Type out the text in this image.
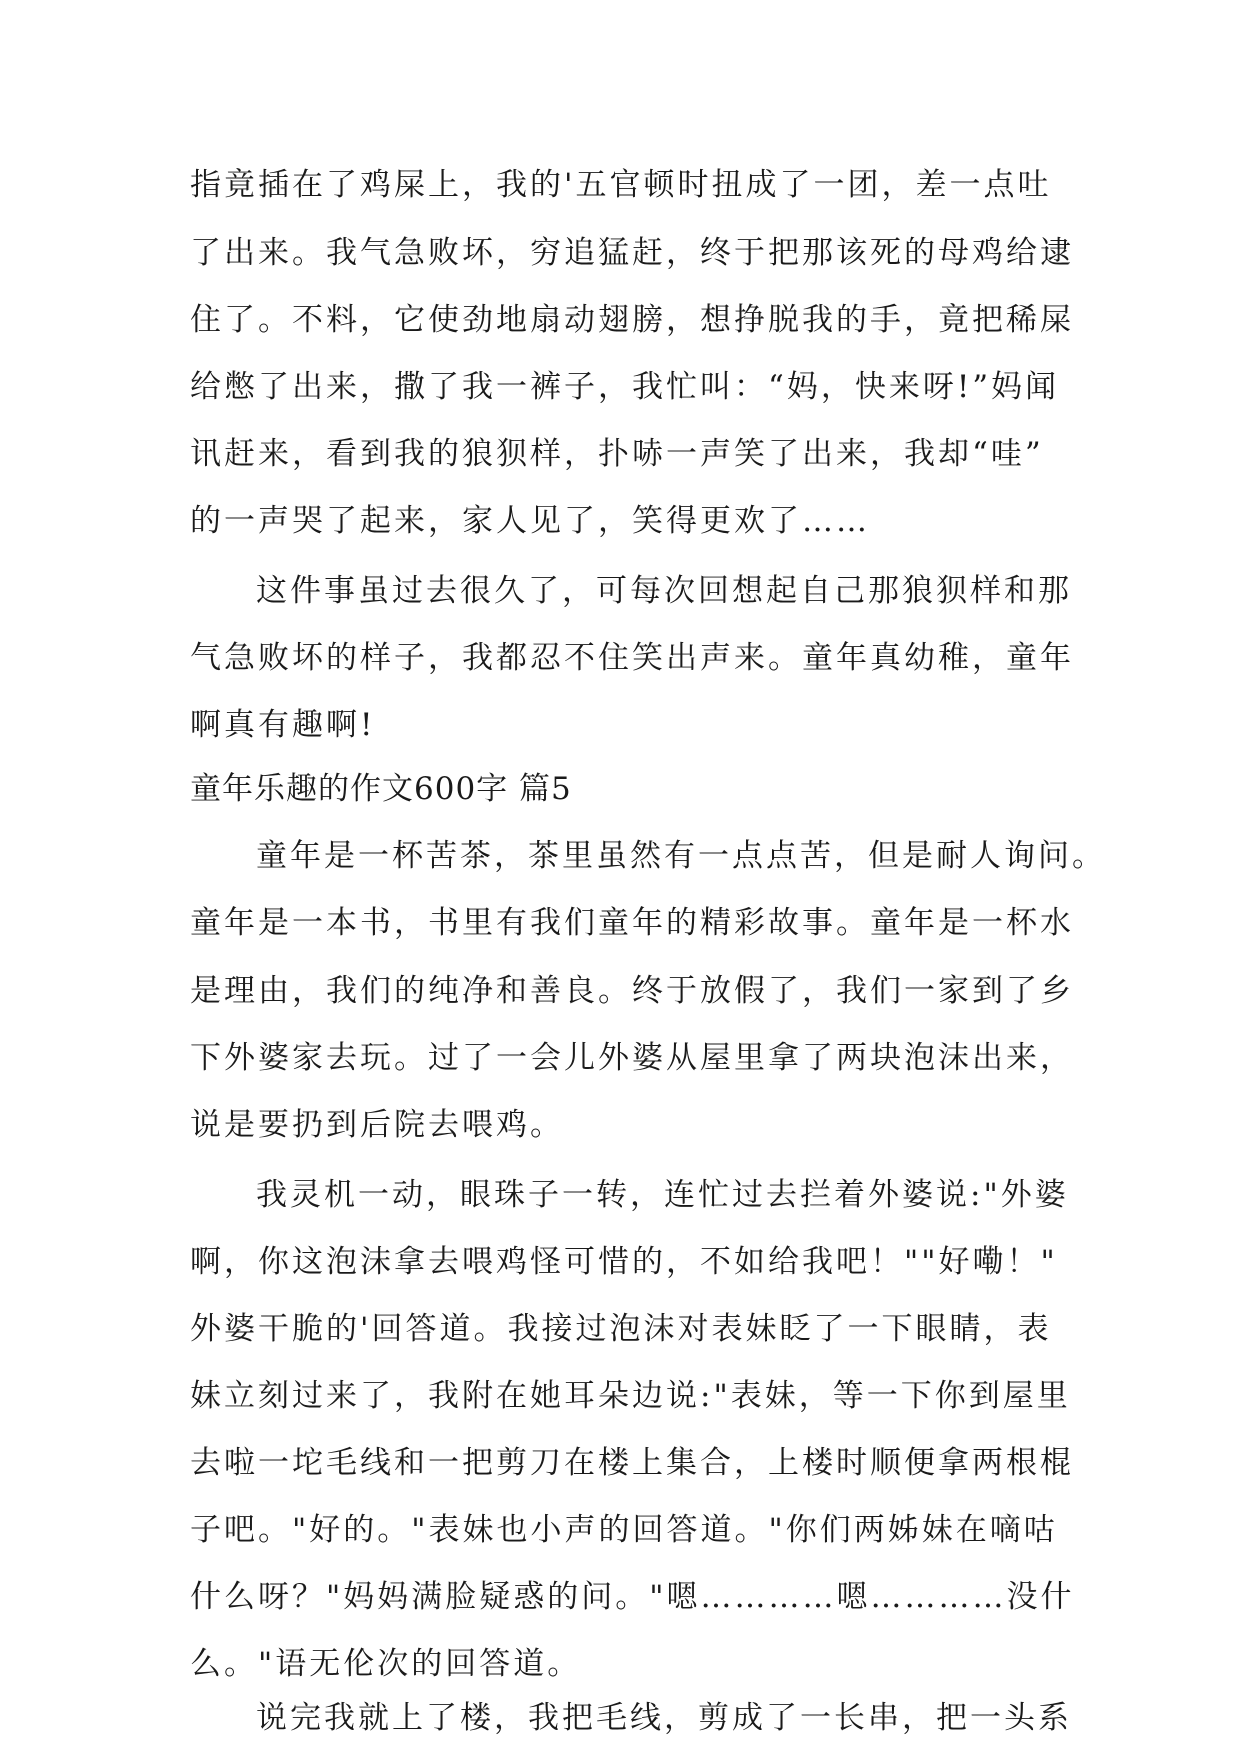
指竟插在了鸡屎上，我的'五官顿时扭成了一团，差一点吐
了出来。我气急败坏，穷追猛赶，终于把那该死的母鸡给逮
住了。不料，它使劲地扇动翅膀，想挣脱我的手，竟把稀屎
给憋了出来，撒了我一裤子，我忙叫：“妈，快来呀!”妈闻
讯赶来，看到我的狼狈样，扑哧一声笑了出来，我却“哇”
的一声哭了起来，家人见了，笑得更欢了……
这件事虽过去很久了，可每次回想起自己那狼狈样和那
气急败坏的样子，我都忍不住笑出声来。童年真幼稚，童年
啊真有趣啊!
童年乐趣的作文600字 篇5
童年是一杯苦茶，茶里虽然有一点点苦，但是耐人询问。
童年是一本书，书里有我们童年的精彩故事。童年是一杯水
是理由，我们的纯净和善良。终于放假了，我们一家到了乡
下外婆家去玩。过了一会儿外婆从屋里拿了两块泡沫出来，
说是要扔到后院去喂鸡。
我灵机一动，眼珠子一转，连忙过去拦着外婆说:"外婆
啊，你这泡沫拿去喂鸡怪可惜的，不如给我吧！""好嘞！"
外婆干脆的'回答道。我接过泡沫对表妹眨了一下眼睛，表
妹立刻过来了，我附在她耳朵边说:"表妹，等一下你到屋里
去啦一坨毛线和一把剪刀在楼上集合，上楼时顺便拿两根棍
子吧。"好的。"表妹也小声的回答道。"你们两姊妹在嘀咕
什么呀？"妈妈满脸疑惑的问。"嗯…………嗯…………没什
么。"语无伦次的回答道。
说完我就上了楼，我把毛线，剪成了一长串，把一头系
